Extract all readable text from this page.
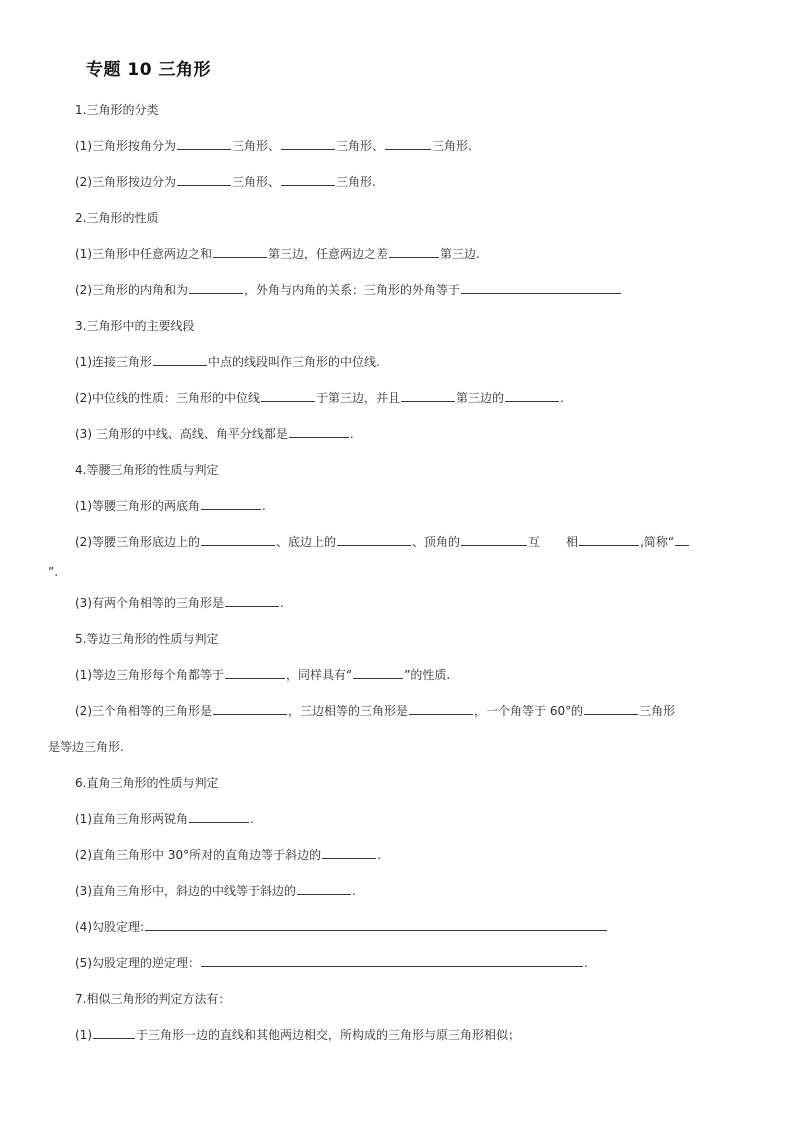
专题 10 三角形
1.三角形的分类
(1)三角形按角分为	三角形、	三角形、	三角形.
(2)三角形按边分为	三角形、	三角形.
2.三角形的性质
(1)三角形中任意两边之和	第三边，任意两边之差	第三边.
(2)三角形的内角和为	，外角与内角的关系：三角形的外角等于
3.三角形中的主要线段
(1)连接三角形	中点的线段叫作三角形的中位线.
(2)中位线的性质：三角形的中位线	于第三边，并且	第三边的	.
(3) 三角形的中线、高线、角平分线都是	.
4.等腰三角形的性质与判定
(1)等腰三角形的两底角	.
(2)等腰三角形底边上的	、底边上的	、顶角的	互 相	,简称“
”.
(3)有两个角相等的三角形是	.
5.等边三角形的性质与判定
(1)等边三角形每个角都等于	，同样具有“	”的性质.
(2)三个角相等的三角形是	，三边相等的三角形是	，一个角等于 60°的	三角形
是等边三角形.
6.直角三角形的性质与判定
(1)直角三角形两锐角	.
(2)直角三角形中 30°所对的直角边等于斜边的	.
(3)直角三角形中，斜边的中线等于斜边的	.
(4)勾股定理:
(5)勾股定理的逆定理：	.
7.相似三角形的判定方法有：
(1)	于三角形一边的直线和其他两边相交，所构成的三角形与原三角形相似；
